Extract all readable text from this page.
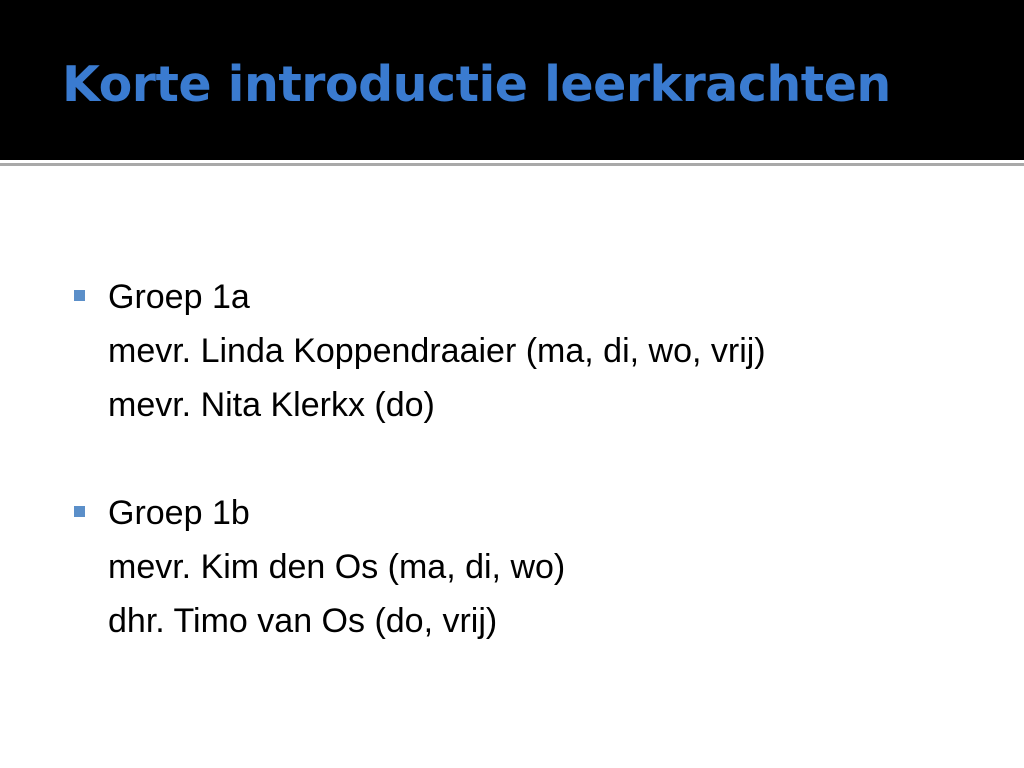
Korte introductie leerkrachten
Groep 1a
mevr. Linda Koppendraaier (ma, di, wo, vrij)
mevr. Nita Klerkx (do)
Groep 1b
mevr. Kim den Os (ma, di, wo)
dhr. Timo van Os (do, vrij)
